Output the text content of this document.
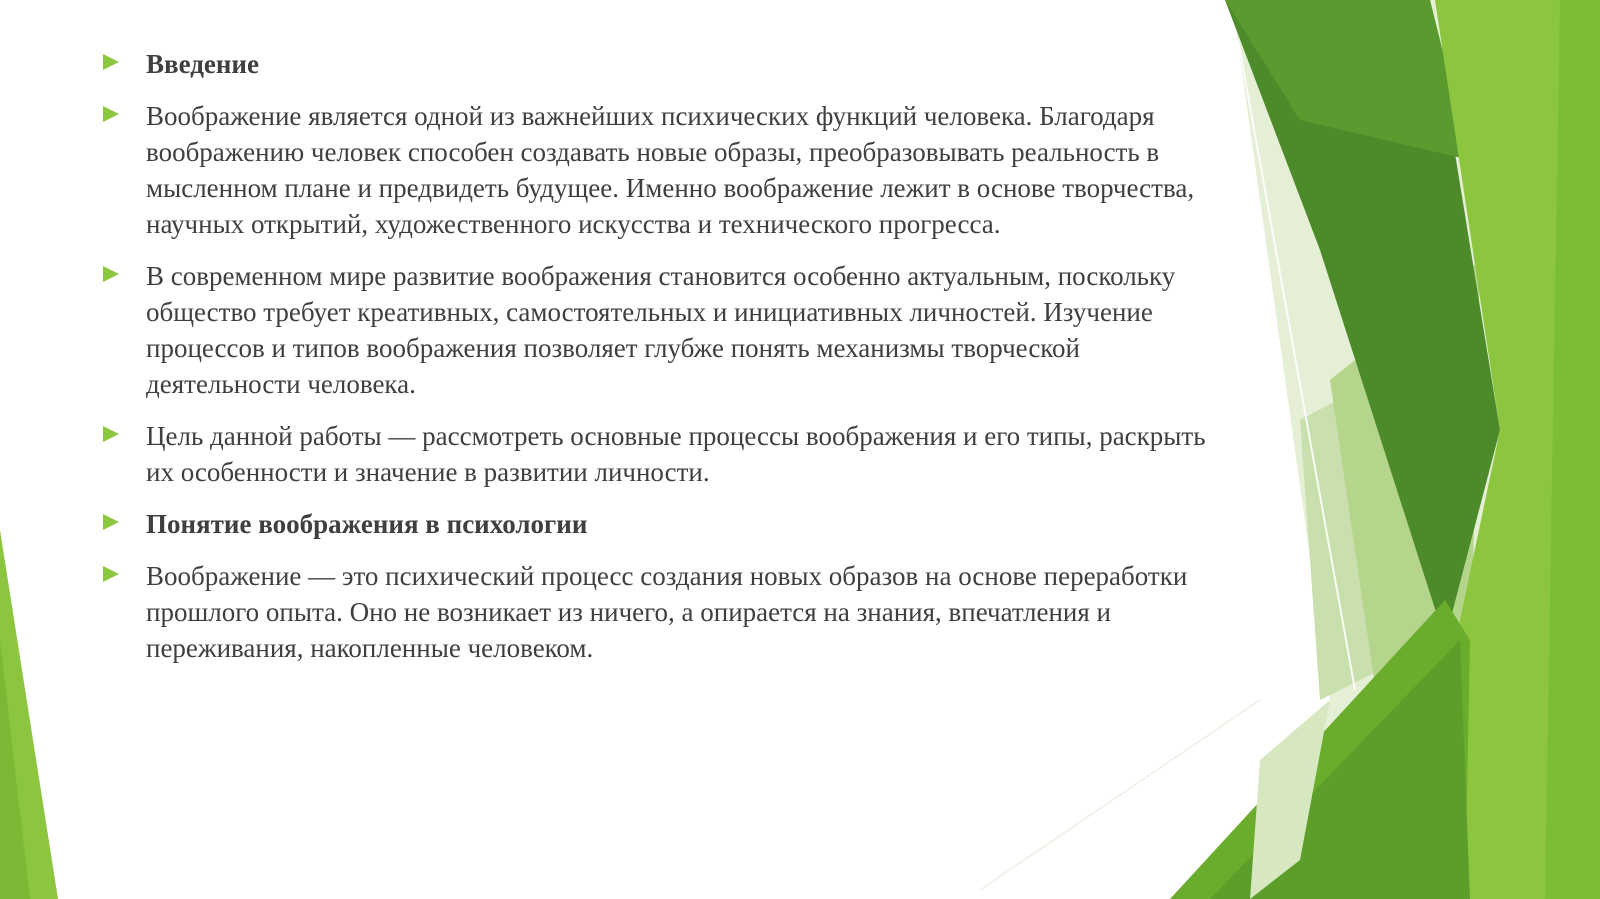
Введение
Воображение является одной из важнейших психических функций человека. Благодаря воображению человек способен создавать новые образы, преобразовывать реальность в мысленном плане и предвидеть будущее. Именно воображение лежит в основе творчества, научных открытий, художественного искусства и технического прогресса.
В современном мире развитие воображения становится особенно актуальным, поскольку общество требует креативных, самостоятельных и инициативных личностей. Изучение процессов и типов воображения позволяет глубже понять механизмы творческой деятельности человека.
Цель данной работы — рассмотреть основные процессы воображения и его типы, раскрыть их особенности и значение в развитии личности.
Понятие воображения в психологии
Воображение — это психический процесс создания новых образов на основе переработки прошлого опыта. Оно не возникает из ничего, а опирается на знания, впечатления и переживания, накопленные человеком.
